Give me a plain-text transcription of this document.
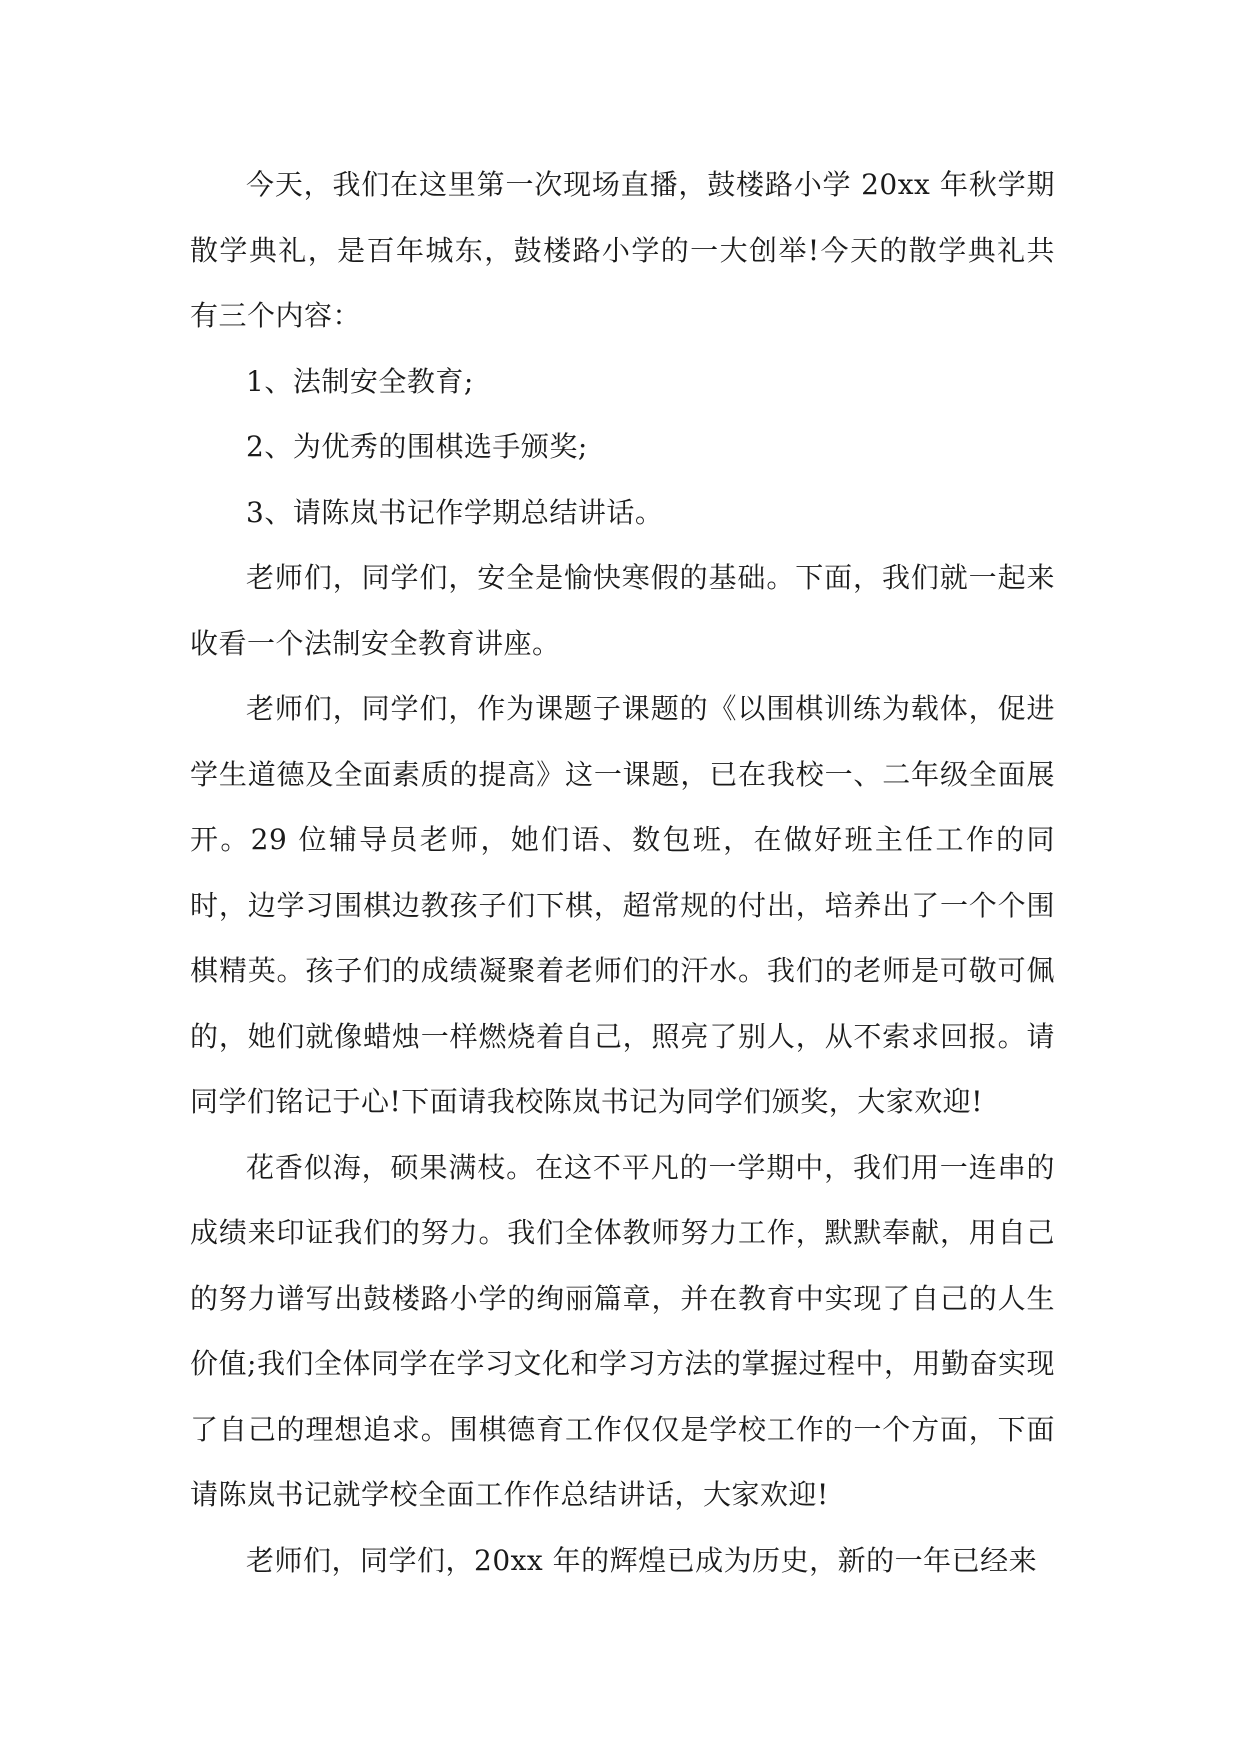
今天，我们在这里第一次现场直播，鼓楼路小学 20xx 年秋学期散学典礼，是百年城东，鼓楼路小学的一大创举!今天的散学典礼共有三个内容：

1、法制安全教育;

2、为优秀的围棋选手颁奖;

3、请陈岚书记作学期总结讲话。

老师们，同学们，安全是愉快寒假的基础。下面，我们就一起来收看一个法制安全教育讲座。

老师们，同学们，作为课题子课题的《以围棋训练为载体，促进学生道德及全面素质的提高》这一课题，已在我校一、二年级全面展开。29 位辅导员老师，她们语、数包班，在做好班主任工作的同时，边学习围棋边教孩子们下棋，超常规的付出，培养出了一个个围棋精英。孩子们的成绩凝聚着老师们的汗水。我们的老师是可敬可佩的，她们就像蜡烛一样燃烧着自己，照亮了别人，从不索求回报。请同学们铭记于心!下面请我校陈岚书记为同学们颁奖，大家欢迎!

花香似海，硕果满枝。在这不平凡的一学期中，我们用一连串的成绩来印证我们的努力。我们全体教师努力工作，默默奉献，用自己的努力谱写出鼓楼路小学的绚丽篇章，并在教育中实现了自己的人生价值;我们全体同学在学习文化和学习方法的掌握过程中，用勤奋实现了自己的理想追求。围棋德育工作仅仅是学校工作的一个方面，下面请陈岚书记就学校全面工作作总结讲话，大家欢迎!

老师们，同学们，20xx 年的辉煌已成为历史，新的一年已经来
